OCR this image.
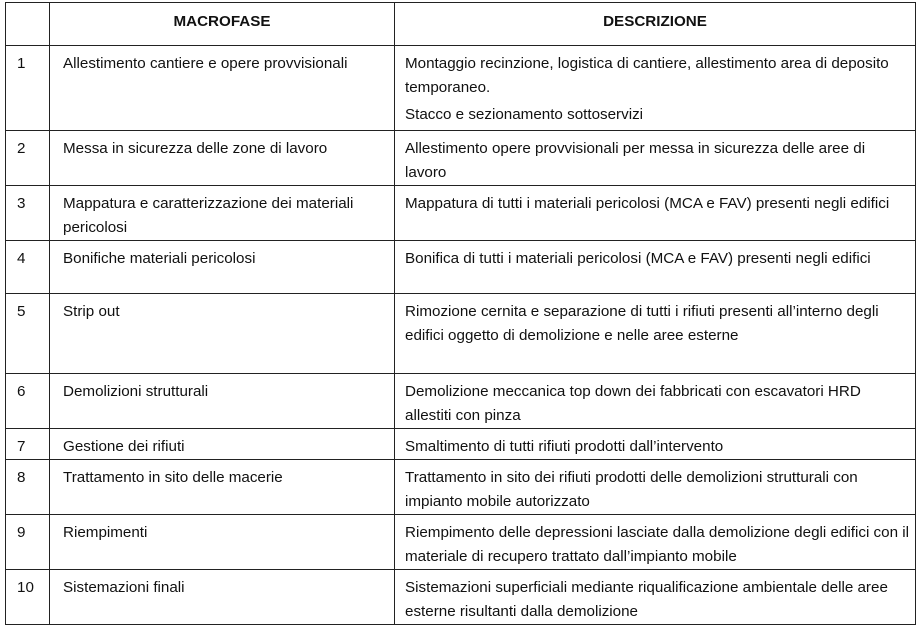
	MACROFASE	DESCRIZIONE
1	Allestimento cantiere e opere provvisionali	Montaggio recinzione, logistica di cantiere, allestimento area di deposito temporaneo.
Stacco e sezionamento sottoservizi

2	Messa in sicurezza delle zone di lavoro	Allestimento opere provvisionali per messa in sicurezza delle aree di lavoro

3	Mappatura e caratterizzazione dei materiali pericolosi	Mappatura di tutti i materiali pericolosi (MCA e FAV) presenti negli edifici

4	Bonifiche materiali pericolosi	Bonifica di tutti i materiali pericolosi (MCA e FAV) presenti negli edifici

5	Strip out	Rimozione cernita e separazione di tutti i rifiuti presenti all’interno degli edifici oggetto di demolizione e nelle aree esterne

6	Demolizioni strutturali	Demolizione meccanica top down dei fabbricati con escavatori HRD allestiti con pinza

7	Gestione dei rifiuti	Smaltimento di tutti rifiuti prodotti dall’intervento

8	Trattamento in sito delle macerie	Trattamento in sito dei rifiuti prodotti delle demolizioni strutturali con impianto mobile autorizzato

9	Riempimenti	Riempimento delle depressioni lasciate dalla demolizione degli edifici con il materiale di recupero trattato dall’impianto mobile

10	Sistemazioni finali	Sistemazioni superficiali mediante riqualificazione ambientale delle aree esterne risultanti dalla demolizione
